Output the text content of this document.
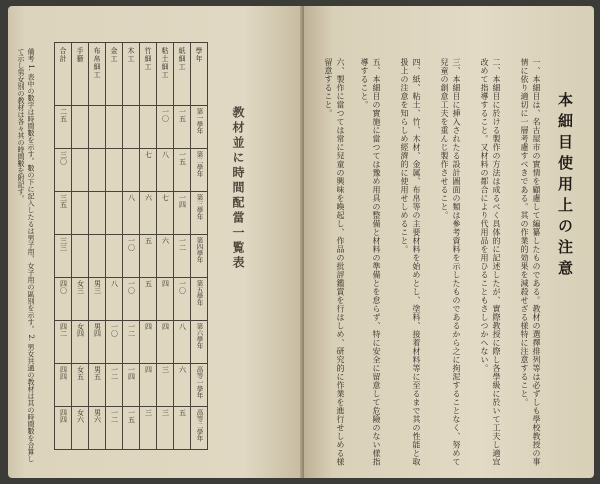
備考 1. 表中の數字は時間數を示す。數の下に記入したるは男子用、女子用の區別を示す。 2. 男女共通の教材は其の時間數を合算して示し男女別の教材は各々其の時間數を附記す。	合計	手藝	布帛細工	金工	木工	竹細工	粘土細工	紙細工	學年
二五						一〇	一五	第一學年
三〇					七	八	一五	第二學年
三五				八	六	七	一四	第三學年
三三				一〇	五	六	一二	第四學年
四〇	女三	男三	八	一〇	五	四	一〇	第五學年
四二	女四	男四	一〇	一二	四	四	八	第六學年
四四	女五	男五	一二	一四	四	三	六	高等一學年
四四	女六	男六	一二	一五	三	三	五	高等二學年
教材並に時間配當一覧表	本細目使用上の注意
一、本細目は、名古屋市の實情を顧慮して編纂したものである。教材の選擇排列等は必ずしも學校教授の事情に依り適切に一層考慮すべきである。其の作業的効果を減殺せざる様特に注意すること。
二、本細目に於ける製作の方法は成るべく具体的に記述したが、實際教授に際し各學級に於いて工夫し適宜改めて指導すること。又材料の都合により代用品を用ひることもさしつかへない。
三、本細目に挿入されたる設計圖面の類は參考資料を示したものであるから之に拘泥することなく、努めて兒童の創意工夫を重んじ製作させること。
四、紙、粘土、竹、木材、金属、布帛等の主要材料を始めとし、塗料、接着材料等に至るまで其の性能と取扱上の注意を知らしめ經濟的に使用せしめること。
五、本細目の實施に當つては豫め用具の整備と材料の準備とを怠らず、特に安全に留意して危險のない様指導すること。
六、製作に當つては常に兒童の興味を喚起し、作品の批評鑑賞を行はしめ、研究的に作業を進行せしめる様留意すること。
